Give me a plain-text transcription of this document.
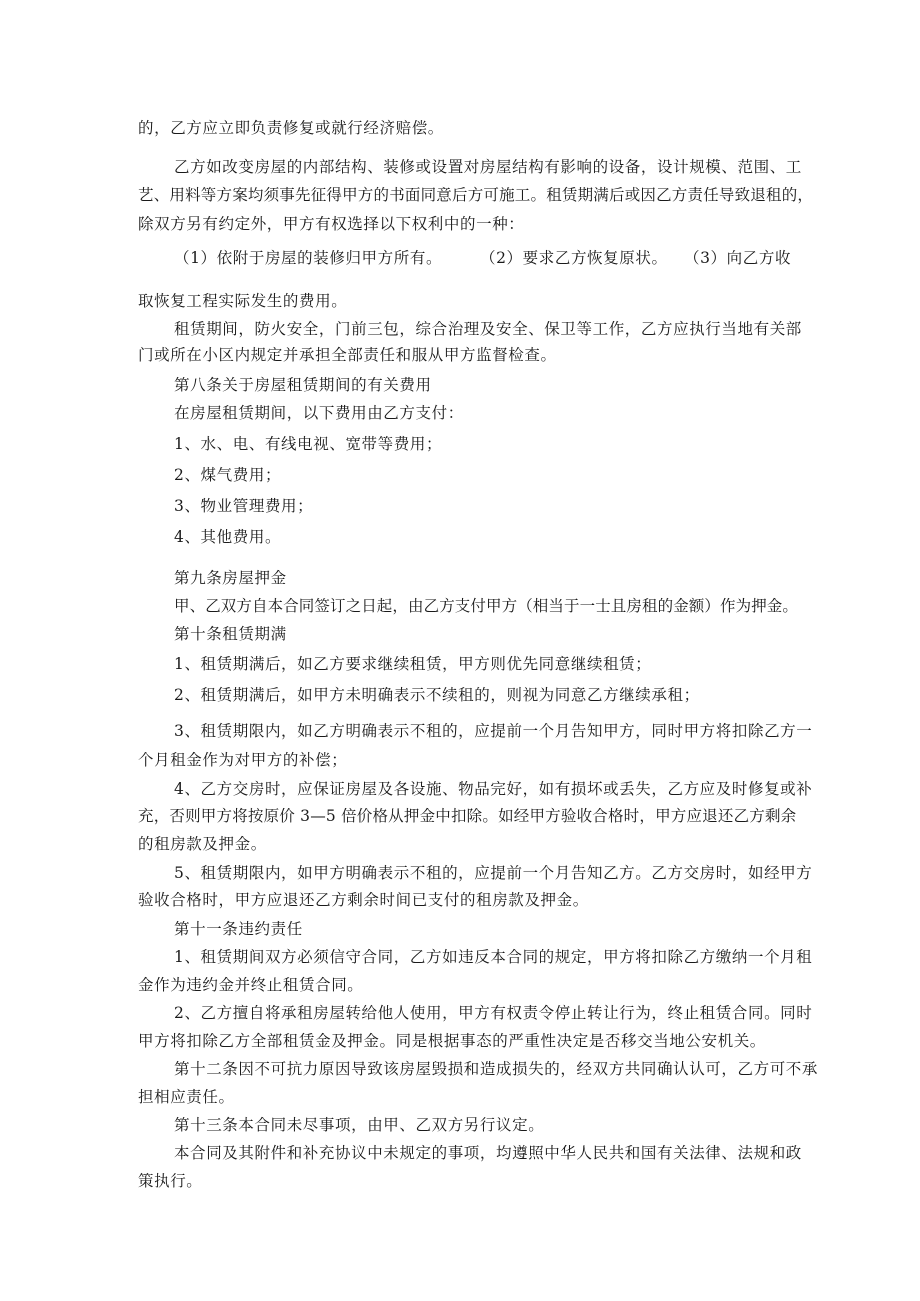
的，乙方应立即负责修复或就行经济赔偿。
乙方如改变房屋的内部结构、装修或设置对房屋结构有影响的设备，设计规模、范围、工
艺、用料等方案均须事先征得甲方的书面同意后方可施工。租赁期满后或因乙方责任导致退租的，
除双方另有约定外，甲方有权选择以下权利中的一种：
（1）依附于房屋的装修归甲方所有。 （2）要求乙方恢复原状。 （3）向乙方收
取恢复工程实际发生的费用。
租赁期间，防火安全，门前三包，综合治理及安全、保卫等工作，乙方应执行当地有关部
门或所在小区内规定并承担全部责任和服从甲方监督检查。
第八条关于房屋租赁期间的有关费用
在房屋租赁期间，以下费用由乙方支付：
1、水、电、有线电视、宽带等费用；
2、煤气费用；
3、物业管理费用；
4、其他费用。
第九条房屋押金
甲、乙双方自本合同签订之日起，由乙方支付甲方（相当于一士且房租的金额）作为押金。
第十条租赁期满
1、租赁期满后，如乙方要求继续租赁，甲方则优先同意继续租赁；
2、租赁期满后，如甲方未明确表示不续租的，则视为同意乙方继续承租；
3、租赁期限内，如乙方明确表示不租的，应提前一个月告知甲方，同时甲方将扣除乙方一
个月租金作为对甲方的补偿；
4、乙方交房时，应保证房屋及各设施、物品完好，如有损坏或丢失，乙方应及时修复或补
充，否则甲方将按原价 3—5 倍价格从押金中扣除。如经甲方验收合格时，甲方应退还乙方剩余
的租房款及押金。
5、租赁期限内，如甲方明确表示不租的，应提前一个月告知乙方。乙方交房时，如经甲方
验收合格时，甲方应退还乙方剩余时间已支付的租房款及押金。
第十一条违约责任
1、租赁期间双方必须信守合同，乙方如违反本合同的规定，甲方将扣除乙方缴纳一个月租
金作为违约金并终止租赁合同。
2、乙方擅自将承租房屋转给他人使用，甲方有权责令停止转让行为，终止租赁合同。同时
甲方将扣除乙方全部租赁金及押金。同是根据事态的严重性决定是否移交当地公安机关。
第十二条因不可抗力原因导致该房屋毁损和造成损失的，经双方共同确认认可，乙方可不承
担相应责任。
第十三条本合同未尽事项，由甲、乙双方另行议定。
本合同及其附件和补充协议中未规定的事项，均遵照中华人民共和国有关法律、法规和政
策执行。
